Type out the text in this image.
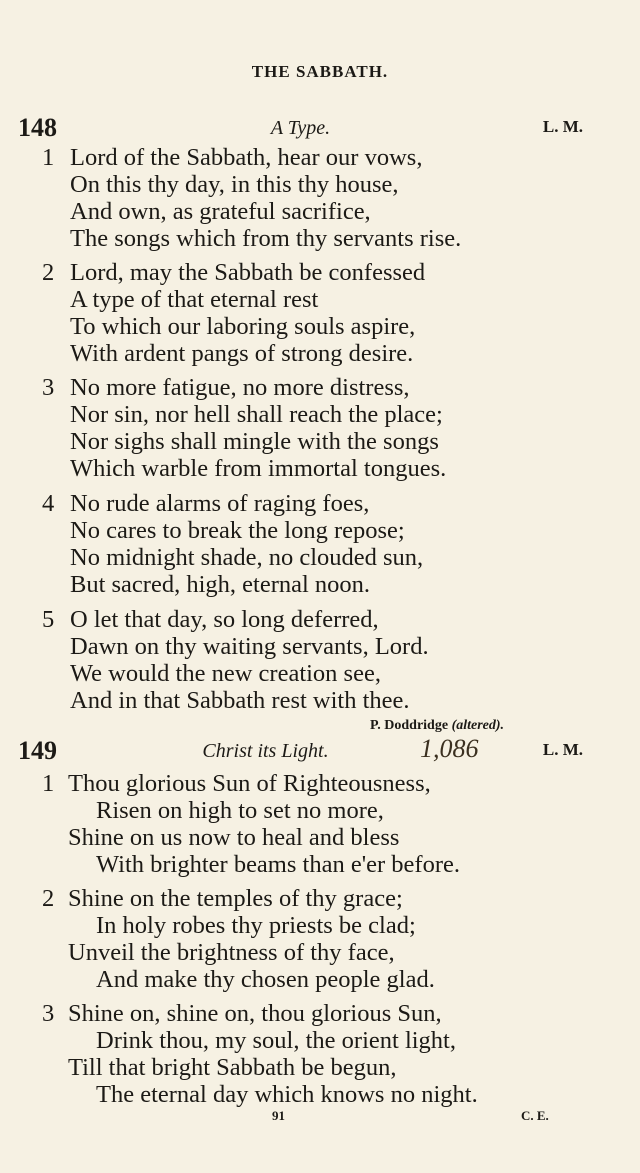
THE SABBATH.
148	A Type.	L. M.
1 Lord of the Sabbath, hear our vows,
On this thy day, in this thy house,
And own, as grateful sacrifice,
The songs which from thy servants rise.
2 Lord, may the Sabbath be confessed
A type of that eternal rest
To which our laboring souls aspire,
With ardent pangs of strong desire.
3 No more fatigue, no more distress,
Nor sin, nor hell shall reach the place;
Nor sighs shall mingle with the songs
Which warble from immortal tongues.
4 No rude alarms of raging foes,
No cares to break the long repose;
No midnight shade, no clouded sun,
But sacred, high, eternal noon.
5 O let that day, so long deferred,
Dawn on thy waiting servants, Lord.
We would the new creation see,
And in that Sabbath rest with thee.
P. Doddridge (altered).
149	Christ its Light.	L. M.
1,086
1 Thou glorious Sun of Righteousness,
Risen on high to set no more,
Shine on us now to heal and bless
With brighter beams than e'er before.
2 Shine on the temples of thy grace;
In holy robes thy priests be clad;
Unveil the brightness of thy face,
And make thy chosen people glad.
3 Shine on, shine on, thou glorious Sun,
Drink thou, my soul, the orient light,
Till that bright Sabbath be begun,
The eternal day which knows no night.
91	C. E.
